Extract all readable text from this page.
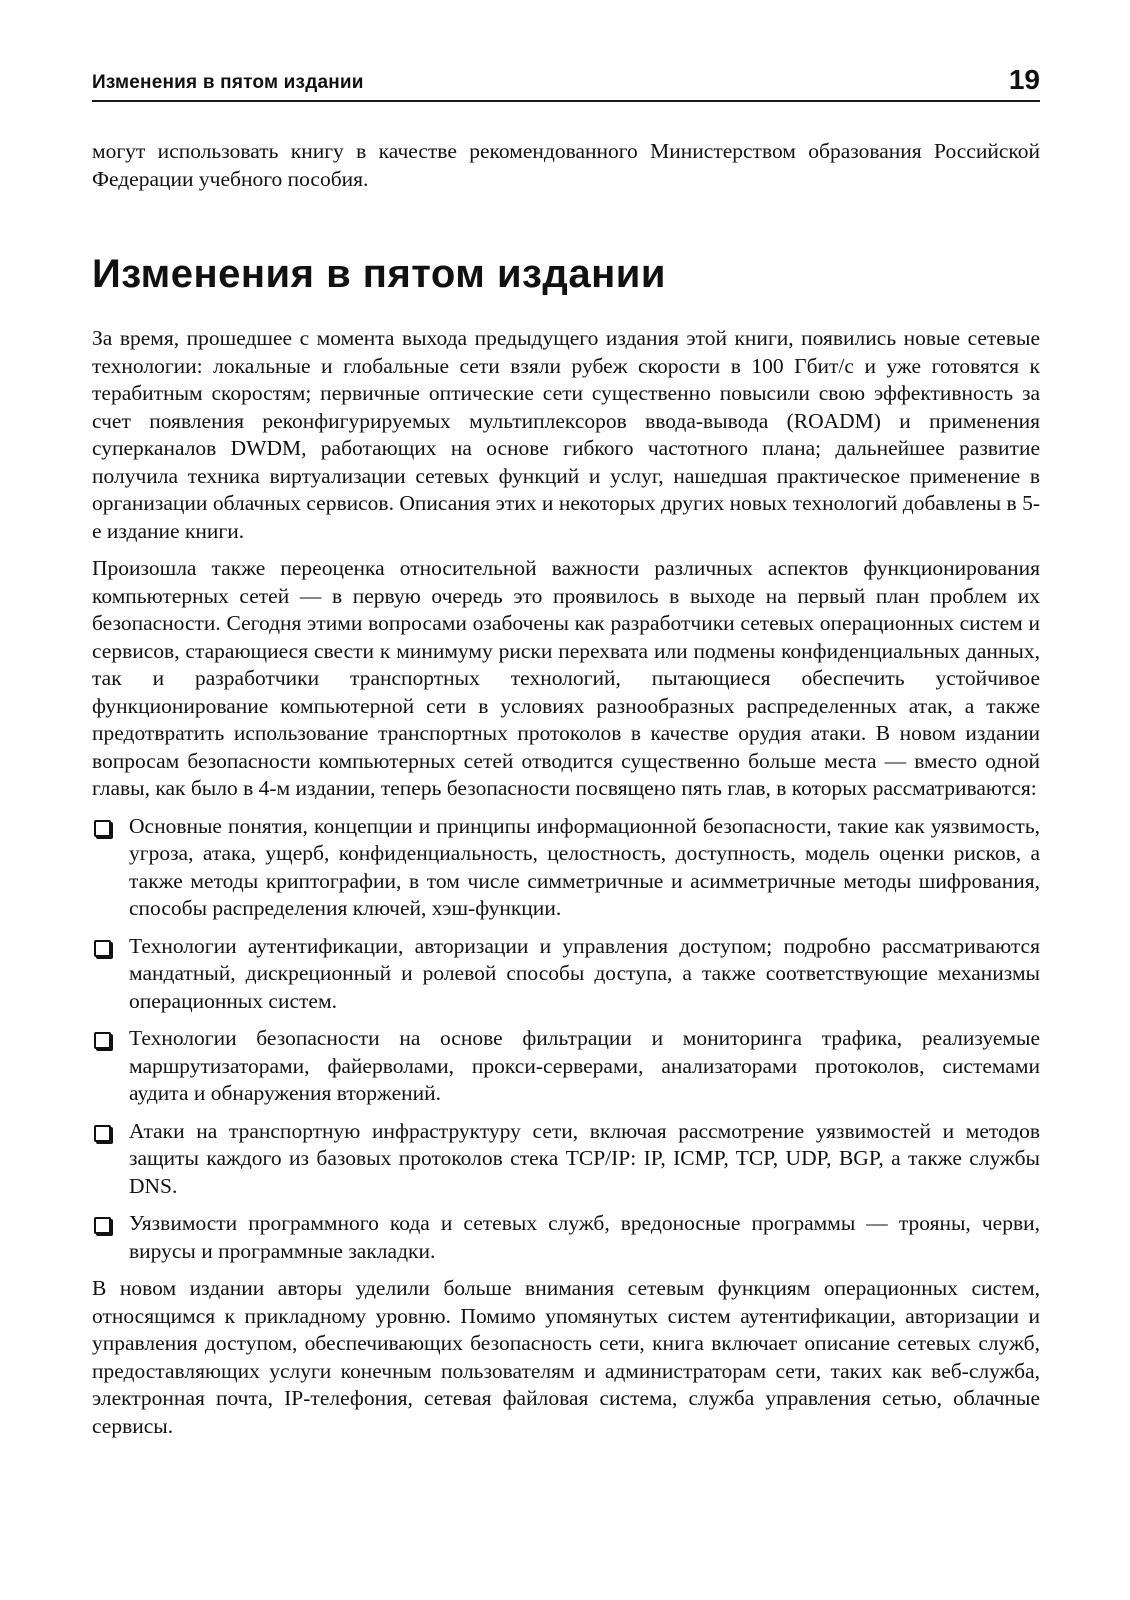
Изменения в пятом издании	19

могут использовать книгу в качестве рекомендованного Министерством образования Российской Федерации учебного пособия.

Изменения в пятом издании

За время, прошедшее с момента выхода предыдущего издания этой книги, появились новые сетевые технологии: локальные и глобальные сети взяли рубеж скорости в 100 Гбит/с и уже готовятся к терабитным скоростям; первичные оптические сети существенно повысили свою эффективность за счет появления реконфигурируемых мультиплексоров ввода-вывода (ROADM) и применения суперканалов DWDM, работающих на основе гибкого частотного плана; дальнейшее развитие получила техника виртуализации сетевых функций и услуг, нашедшая практическое применение в организации облачных сервисов. Описания этих и некоторых других новых технологий добавлены в 5-е издание книги.

Произошла также переоценка относительной важности различных аспектов функционирования компьютерных сетей — в первую очередь это проявилось в выходе на первый план проблем их безопасности. Сегодня этими вопросами озабочены как разработчики сетевых операционных систем и сервисов, старающиеся свести к минимуму риски перехвата или подмены конфиденциальных данных, так и разработчики транспортных технологий, пытающиеся обеспечить устойчивое функционирование компьютерной сети в условиях разнообразных распределенных атак, а также предотвратить использование транспортных протоколов в качестве орудия атаки. В новом издании вопросам безопасности компьютерных сетей отводится существенно больше места — вместо одной главы, как было в 4-м издании, теперь безопасности посвящено пять глав, в которых рассматриваются:

Основные понятия, концепции и принципы информационной безопасности, такие как уязвимость, угроза, атака, ущерб, конфиденциальность, целостность, доступность, модель оценки рисков, а также методы криптографии, в том числе симметричные и асимметричные методы шифрования, способы распределения ключей, хэш-функции.

Технологии аутентификации, авторизации и управления доступом; подробно рассматриваются мандатный, дискреционный и ролевой способы доступа, а также соответствующие механизмы операционных систем.

Технологии безопасности на основе фильтрации и мониторинга трафика, реализуемые маршрутизаторами, файерволами, прокси-серверами, анализаторами протоколов, системами аудита и обнаружения вторжений.

Атаки на транспортную инфраструктуру сети, включая рассмотрение уязвимостей и методов защиты каждого из базовых протоколов стека TCP/IP: IP, ICMP, TCP, UDP, BGP, а также службы DNS.

Уязвимости программного кода и сетевых служб, вредоносные программы — трояны, черви, вирусы и программные закладки.

В новом издании авторы уделили больше внимания сетевым функциям операционных систем, относящимся к прикладному уровню. Помимо упомянутых систем аутентификации, авторизации и управления доступом, обеспечивающих безопасность сети, книга включает описание сетевых служб, предоставляющих услуги конечным пользователям и администраторам сети, таких как веб-служба, электронная почта, IP-телефония, сетевая файловая система, служба управления сетью, облачные сервисы.
